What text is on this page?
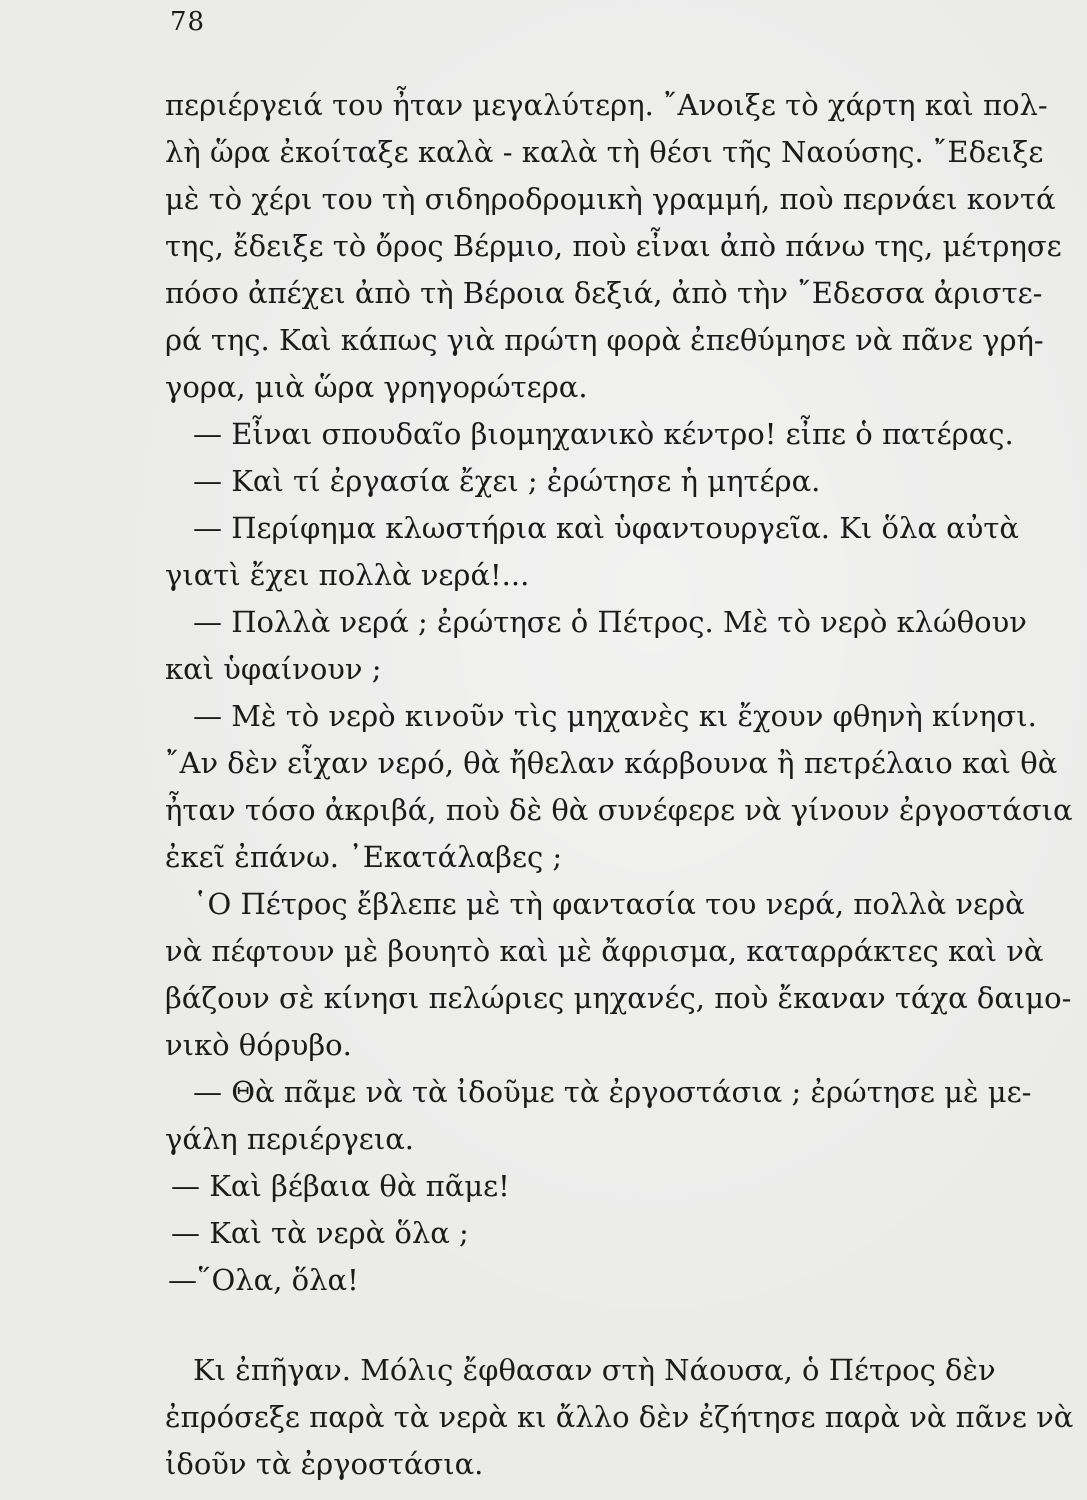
78
περιέργειά του ἦταν μεγαλύτερη. ῎Ανοιξε τὸ χάρτη καὶ πολ-
λὴ ὥρα ἐκοίταξε καλὰ - καλὰ τὴ θέσι τῆς Ναούσης. ῎Εδειξε
μὲ τὸ χέρι του τὴ σιδηροδρομικὴ γραμμή, ποὺ περνάει κοντά
της, ἔδειξε τὸ ὄρος Βέρμιο, ποὺ εἶναι ἀπὸ πάνω της, μέτρησε
πόσο ἀπέχει ἀπὸ τὴ Βέροια δεξιά, ἀπὸ τὴν ῎Εδεσσα ἀριστε-
ρά της. Καὶ κάπως γιὰ πρώτη φορὰ ἐπεθύμησε νὰ πᾶνε γρή-
γορα, μιὰ ὥρα γρηγορώτερα.
— Εἶναι σπουδαῖο βιομηχανικὸ κέντρο! εἶπε ὁ πατέρας.
— Καὶ τί ἐργασία ἔχει ; ἐρώτησε ἡ μητέρα.
— Περίφημα κλωστήρια καὶ ὑφαντουργεῖα. Κι ὅλα αὐτὰ
γιατὶ ἔχει πολλὰ νερά!...
— Πολλὰ νερά ; ἐρώτησε ὁ Πέτρος. Μὲ τὸ νερὸ κλώθουν
καὶ ὑφαίνουν ;
— Μὲ τὸ νερὸ κινοῦν τὶς μηχανὲς κι ἔχουν φθηνὴ κίνησι.
῎Αν δὲν εἶχαν νερό, θὰ ἤθελαν κάρβουνα ἢ πετρέλαιο καὶ θὰ
ἦταν τόσο ἀκριβά, ποὺ δὲ θὰ συνέφερε νὰ γίνουν ἐργοστάσια
ἐκεῖ ἐπάνω. ᾿Εκατάλαβες ;
῾Ο Πέτρος ἔβλεπε μὲ τὴ φαντασία του νερά, πολλὰ νερὰ
νὰ πέφτουν μὲ βουητὸ καὶ μὲ ἄφρισμα, καταρράκτες καὶ νὰ
βάζουν σὲ κίνησι πελώριες μηχανές, ποὺ ἔκαναν τάχα δαιμο-
νικὸ θόρυβο.
— Θὰ πᾶμε νὰ τὰ ἰδοῦμε τὰ ἐργοστάσια ; ἐρώτησε μὲ με-
γάλη περιέργεια.
— Καὶ βέβαια θὰ πᾶμε!
— Καὶ τὰ νερὰ ὅλα ;
—῞Ολα, ὅλα!
Κι ἐπῆγαν. Μόλις ἔφθασαν στὴ Νάουσα, ὁ Πέτρος δὲν
ἐπρόσεξε παρὰ τὰ νερὰ κι ἄλλο δὲν ἐζήτησε παρὰ νὰ πᾶνε νὰ
ἰδοῦν τὰ ἐργοστάσια.
